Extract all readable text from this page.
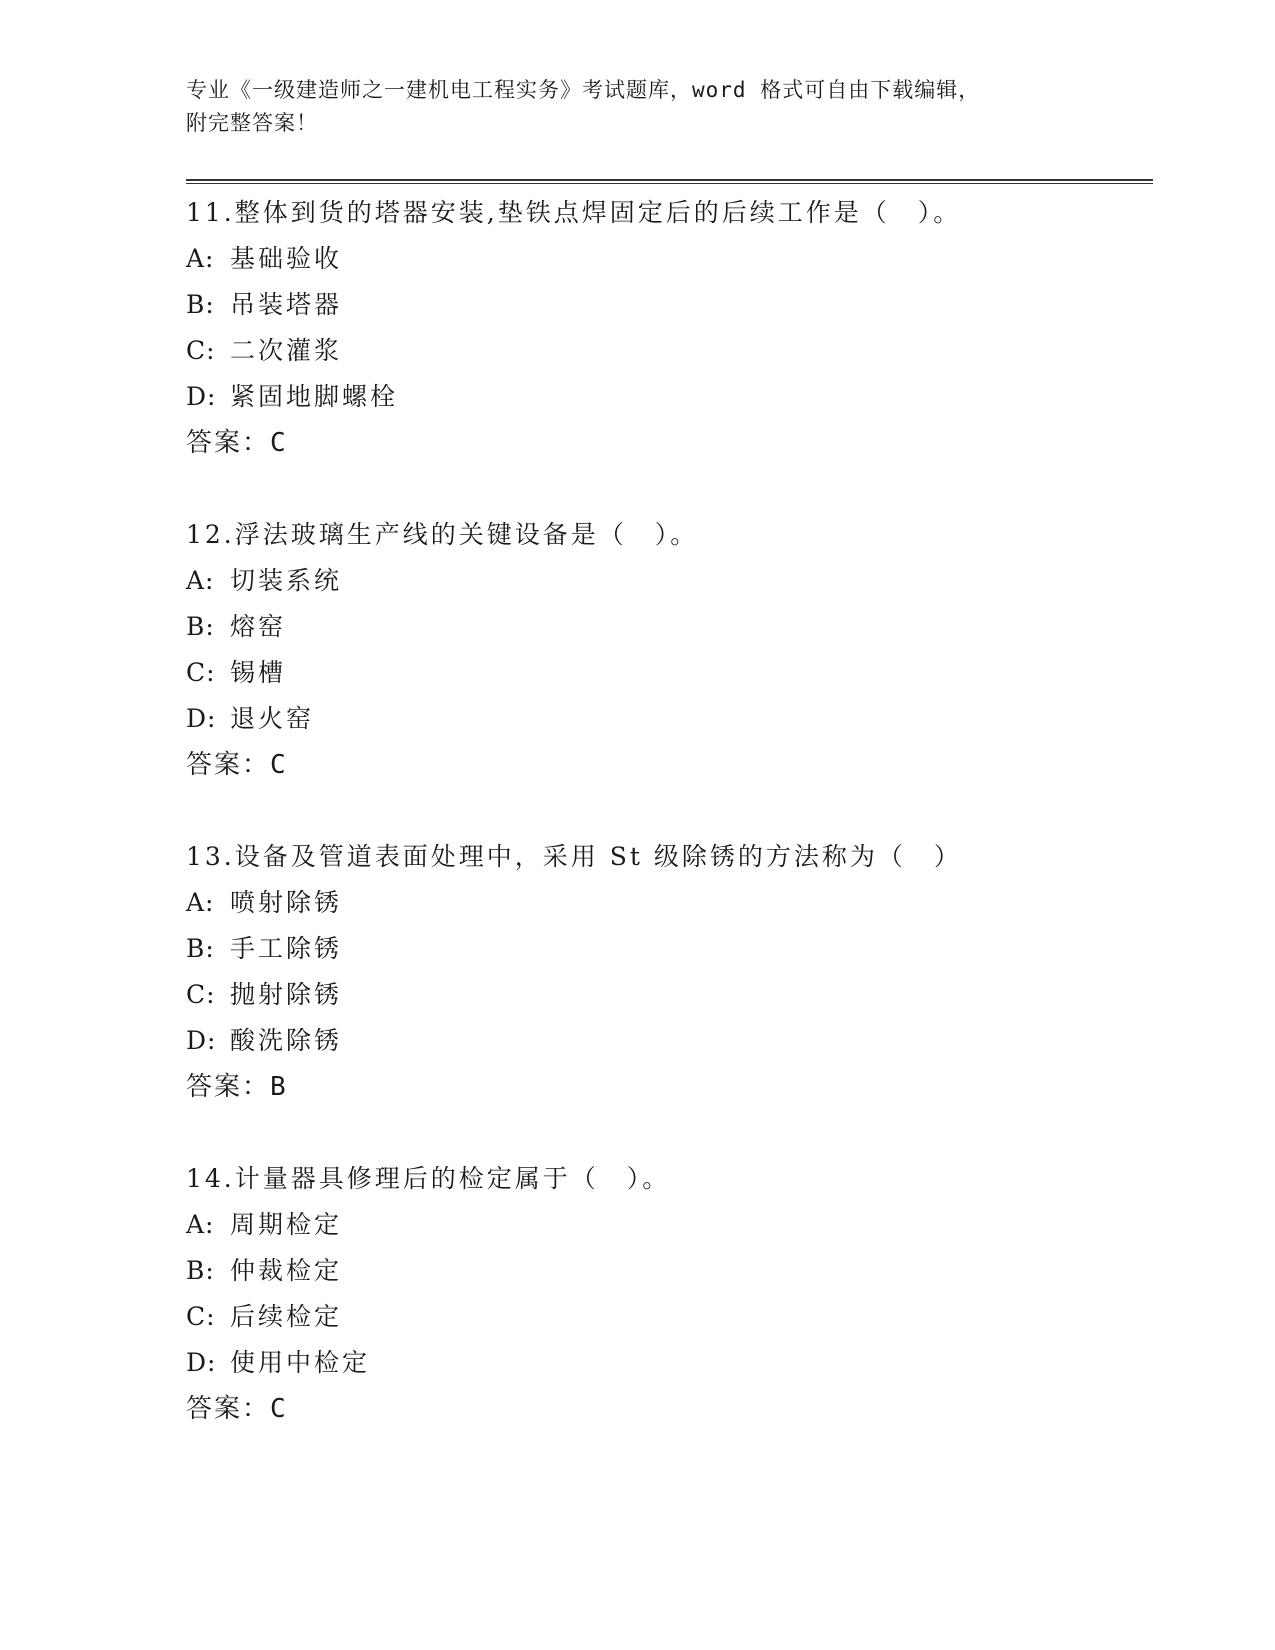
专业《一级建造师之一建机电工程实务》考试题库，word 格式可自由下载编辑，
附完整答案！
11.整体到货的塔器安装,垫铁点焊固定后的后续工作是（　）。
A: 基础验收
B: 吊装塔器
C: 二次灌浆
D: 紧固地脚螺栓
答案：C
12.浮法玻璃生产线的关键设备是（　）。
A: 切装系统
B: 熔窑
C: 锡槽
D: 退火窑
答案：C
13.设备及管道表面处理中，采用 St 级除锈的方法称为（　）
A: 喷射除锈
B: 手工除锈
C: 抛射除锈
D: 酸洗除锈
答案：B
14.计量器具修理后的检定属于（　）。
A: 周期检定
B: 仲裁检定
C: 后续检定
D: 使用中检定
答案：C
